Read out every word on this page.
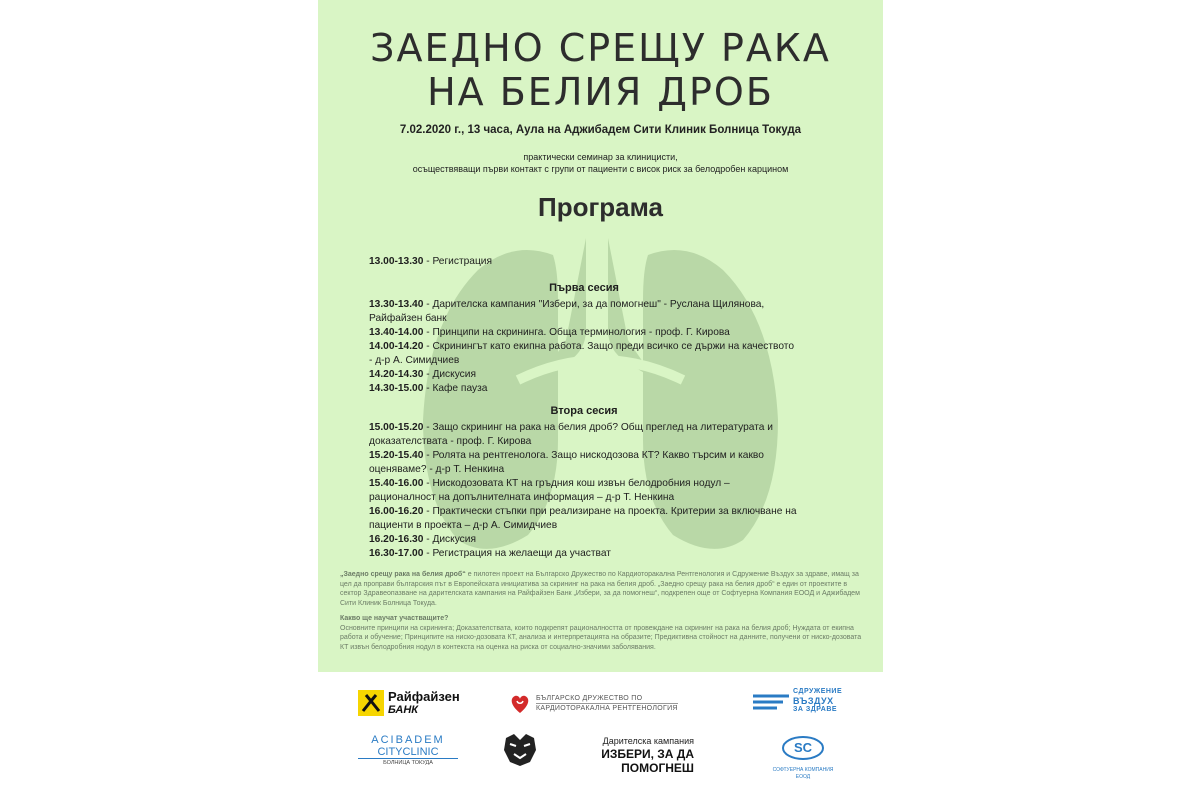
ЗАЕДНО СРЕЩУ РАКА
НА БЕЛИЯ ДРОБ
7.02.2020 г., 13 часа, Аула на Аджибадем Сити Клиник Болница Токуда
практически семинар за клиницисти,
осъществяващи първи контакт с групи от пациенти с висок риск за белодробен карцином
Програма

13.00-13.30 - Регистрация

Първа сесия

13.30-13.40 - Дарителска кампания "Избери, за да помогнеш" - Руслана Щилянова, Райфайзен банк

13.40-14.00 - Принципи на скрининга. Обща терминология - проф. Г. Кирова

14.00-14.20 - Скринингът като екипна работа. Защо преди всичко се държи на качеството - д-р А. Симидчиев

14.20-14.30 - Дискусия

14.30-15.00 - Кафе пауза

Втора сесия

15.00-15.20 - Защо скрининг на рака на белия дроб? Общ преглед на литературата и доказателствата - проф. Г. Кирова

15.20-15.40 - Ролята на рентгенолога. Защо нискодозова КТ? Какво търсим и какво оценяваме? - д-р Т. Ненкина

15.40-16.00 - Нискодозовата КТ на гръдния кош извън белодробния нодул – рационалност на допълнителната информация – д-р Т. Ненкина

16.00-16.20 - Практически стъпки при реализиране на проекта. Критерии за включване на пациенти в проекта – д-р А. Симидчиев

16.20-16.30 - Дискусия

16.30-17.00 - Регистрация на желаещи да участват

„Заедно срещу рака на белия дроб“ е пилотен проект на Българско Дружество по Кардиоторакална Рентгенология и Сдружение Въздух за здраве, имащ за цел да проправи българския път в Европейската инициатива за скрининг на рака на белия дроб. „Заедно срещу рака на белия дроб“ е един от проектите в сектор Здравеопазване на дарителската кампания на Райфайзен Банк „Избери, за да помогнеш“, подкрепен още от Софтуерна Компания ЕООД и Аджибадем Сити Клиник Болница Токуда.

Какво ще научат участващите?
Основните принципи на скрининга; Доказателствата, които подкрепят рационалността от провеждане на скрининг на рака на белия дроб; Нуждата от екипна работа и обучение; Принципите на нискo-дозовата КТ, анализа и интерпретацията на образите; Предиктивна стойност на данните, получени от нискo-дозовата КТ извън белодробния нодул в контекста на оценка на риска от социално-значими заболявания.

Райфайзен
БАНК
БЪЛГАРСКО ДРУЖЕСТВО ПО
КАРДИОТОРАКАЛНА РЕНТГЕНОЛОГИЯ
СДРУЖЕНИЕ
ВЪЗДУХ
ЗА ЗДРАВЕ
ACIBADEM
CITYCLINIC
БОЛНИЦА ТОКУДА
Дарителска кампания
ИЗБЕРИ, ЗА ДА ПОМОГНЕШ
SC
СОФТУЕРНА КОМПАНИЯ ЕООД
